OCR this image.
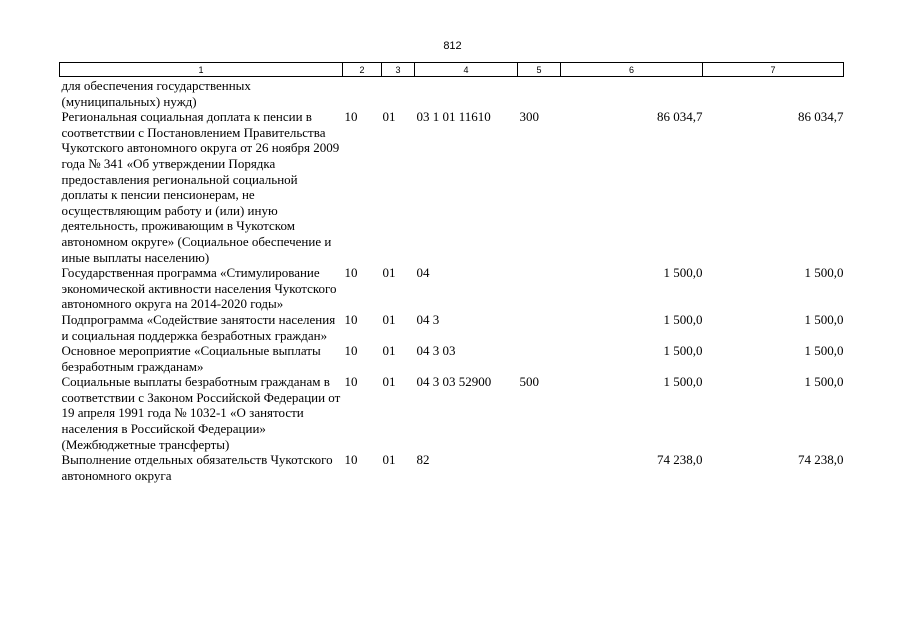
812
1	2	3	4	5	6	7
для обеспечения государственных (муниципальных) нужд)						
Региональная социальная доплата к пенсии в соответствии с Постановлением Правительства Чукотского автономного округа от 26 ноября 2009 года № 341 «Об утверждении Порядка предоставления региональной социальной доплаты к пенсии пенсионерам, не осуществляющим работу и (или) иную деятельность, проживающим в Чукотском автономном округе» (Социальное обеспечение и иные выплаты населению)	10	01	03 1 01 11610	300	86 034,7	86 034,7
Государственная программа «Стимулирование экономической активности населения Чукотского автономного округа на 2014-2020 годы»	10	01	04		1 500,0	1 500,0
Подпрограмма «Содействие занятости населения и социальная поддержка безработных граждан»	10	01	04 3		1 500,0	1 500,0
Основное мероприятие «Социальные выплаты безработным гражданам»	10	01	04 3 03		1 500,0	1 500,0
Социальные выплаты безработным гражданам в соответствии с Законом Российской Федерации от 19 апреля 1991 года № 1032-1 «О занятости населения в Российской Федерации» (Межбюджетные трансферты)	10	01	04 3 03 52900	500	1 500,0	1 500,0
Выполнение отдельных обязательств Чукотского автономного округа	10	01	82		74 238,0	74 238,0
